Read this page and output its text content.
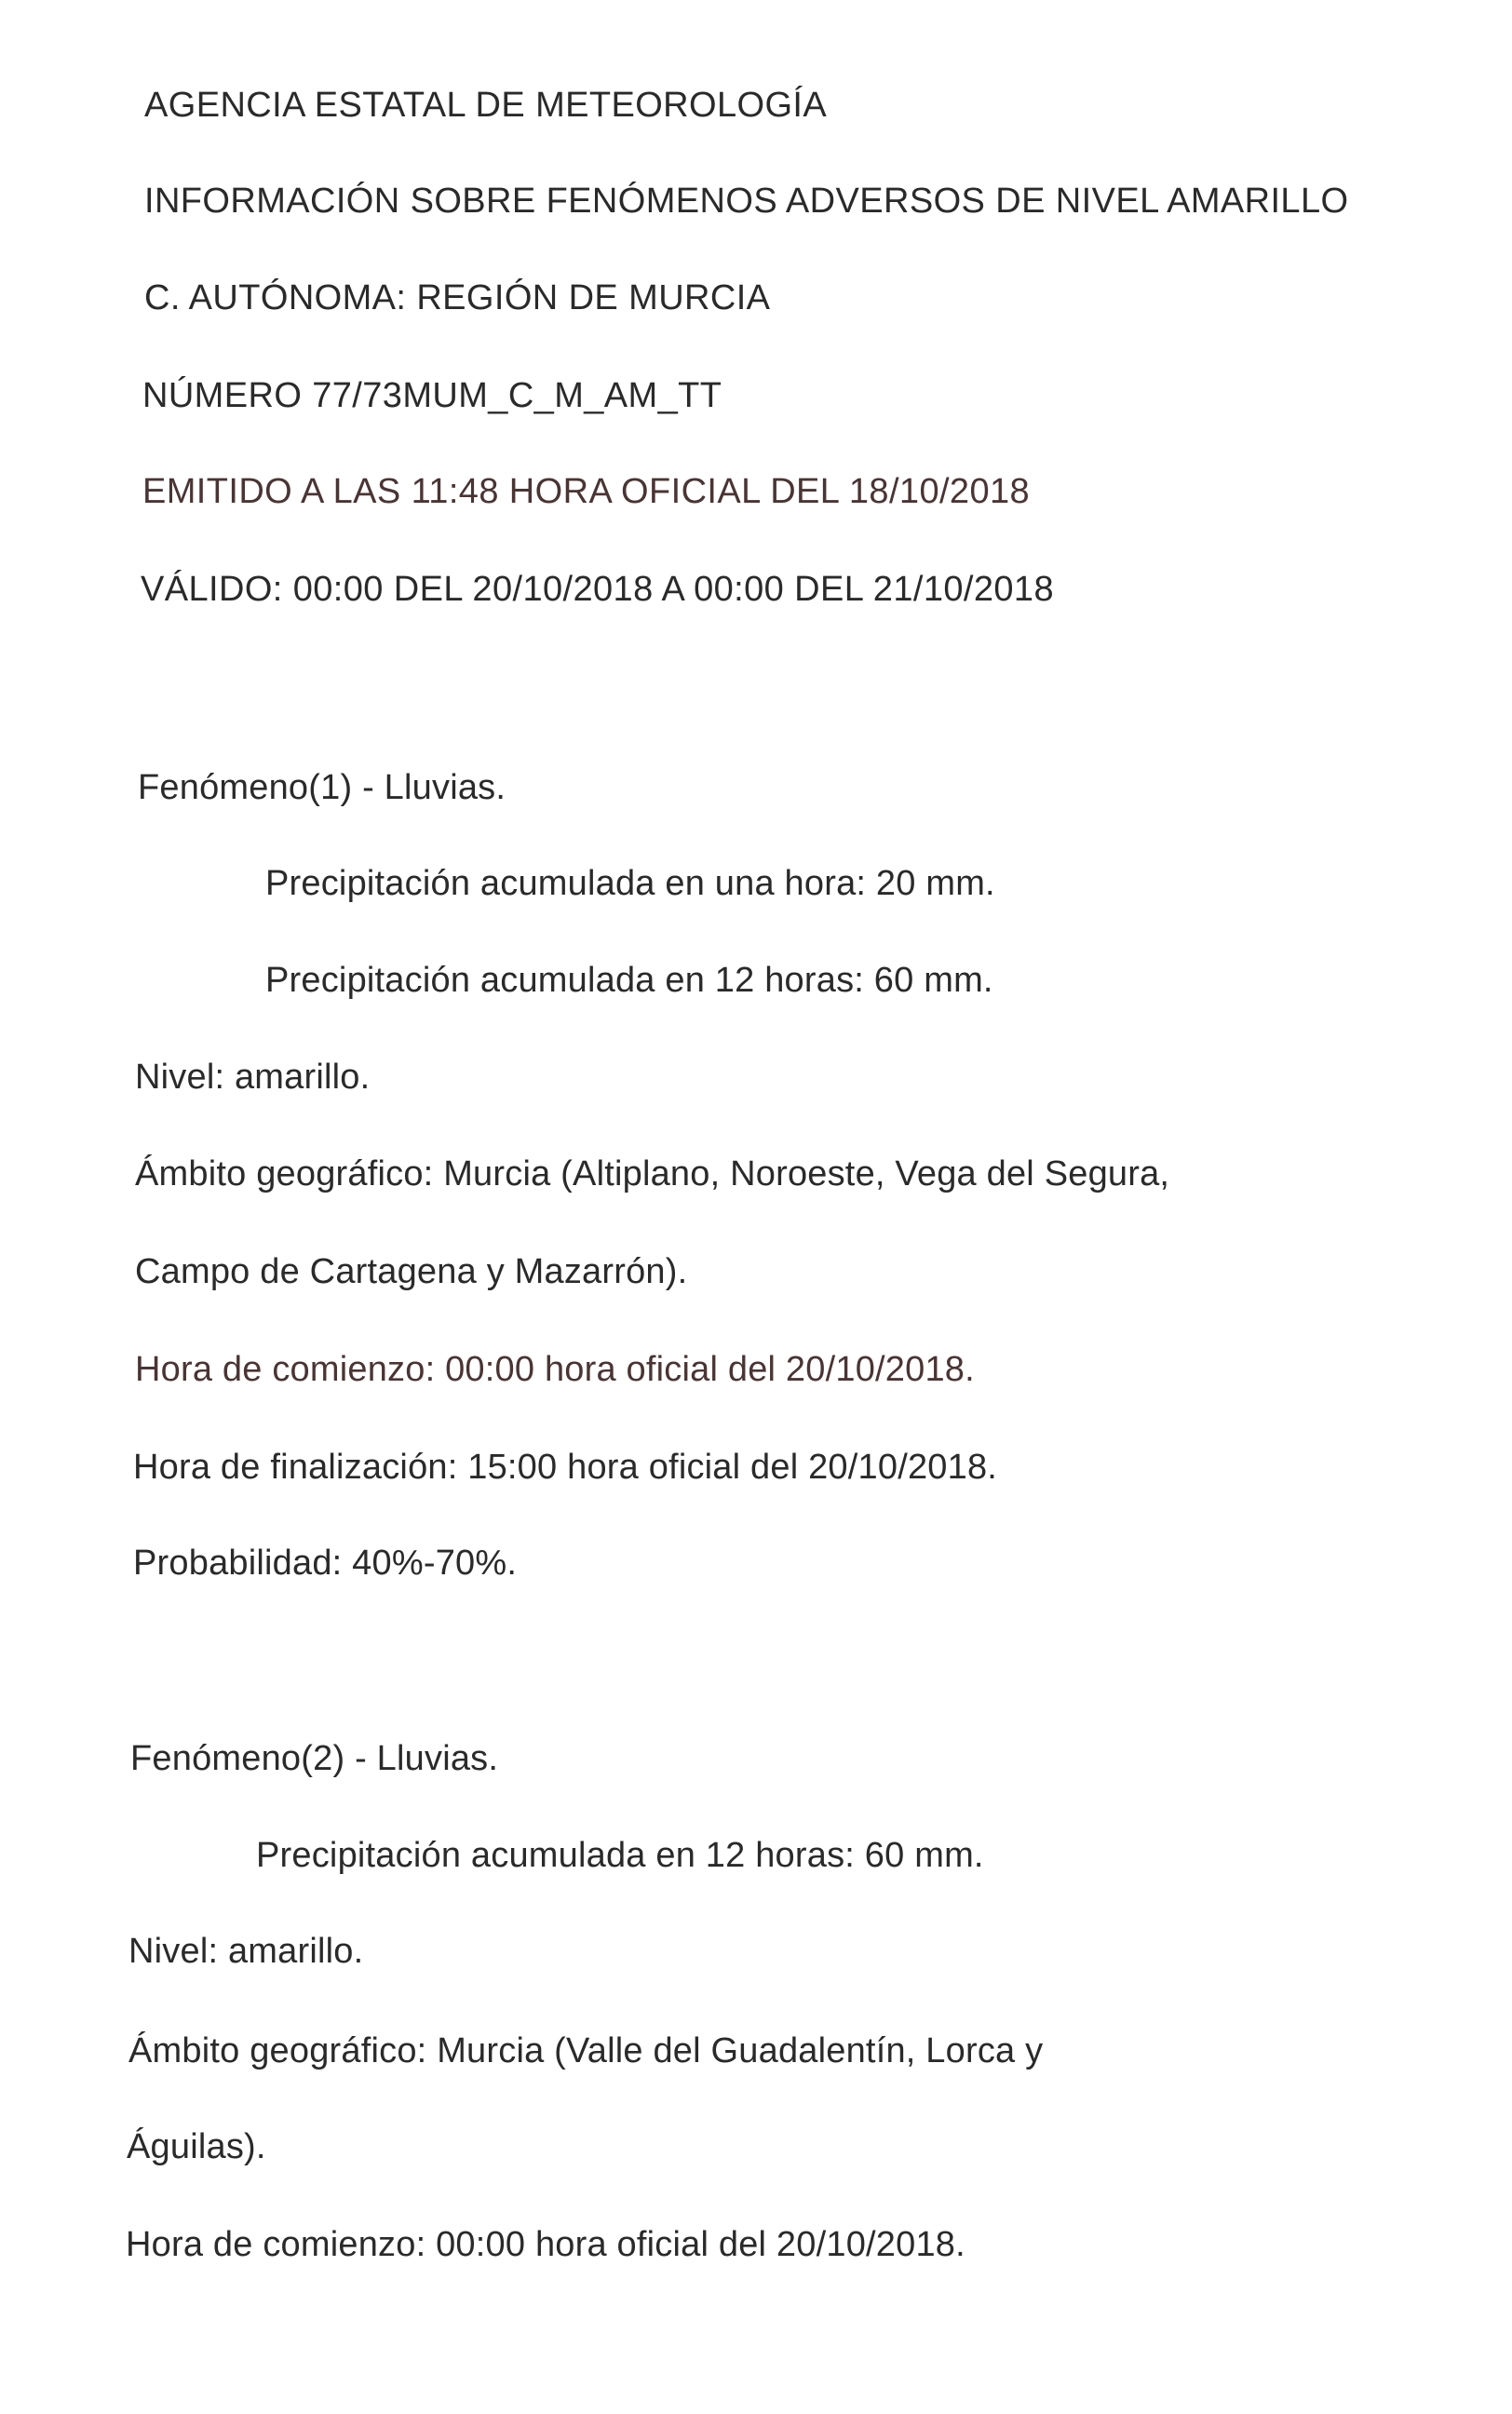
AGENCIA ESTATAL DE METEOROLOGÍA
INFORMACIÓN SOBRE FENÓMENOS ADVERSOS DE NIVEL AMARILLO
C. AUTÓNOMA: REGIÓN DE MURCIA
NÚMERO 77/73MUM_C_M_AM_TT
EMITIDO A LAS 11:48 HORA OFICIAL DEL 18/10/2018
VÁLIDO: 00:00 DEL 20/10/2018 A 00:00 DEL 21/10/2018
Fenómeno(1) - Lluvias.
Precipitación acumulada en una hora: 20 mm.
Precipitación acumulada en 12 horas: 60 mm.
Nivel: amarillo.
Ámbito geográfico: Murcia (Altiplano, Noroeste, Vega del Segura,
Campo de Cartagena y Mazarrón).
Hora de comienzo: 00:00 hora oficial del 20/10/2018.
Hora de finalización: 15:00 hora oficial del 20/10/2018.
Probabilidad: 40%-70%.
Fenómeno(2) - Lluvias.
Precipitación acumulada en 12 horas: 60 mm.
Nivel: amarillo.
Ámbito geográfico: Murcia (Valle del Guadalentín, Lorca y
Águilas).
Hora de comienzo: 00:00 hora oficial del 20/10/2018.
